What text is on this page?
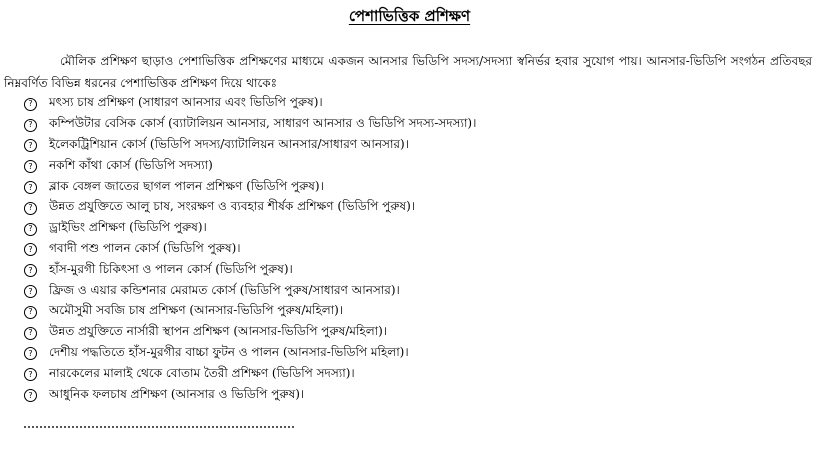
পেশাভিত্তিক প্রশিক্ষণ

মৌলিক প্রশিক্ষণ ছাড়াও পেশাভিত্তিক প্রশিক্ষণের মাধ্যমে একজন আনসার ভিডিপি সদস্য/সদস্যা স্বনির্ভর হবার সুযোগ পায়। আনসার-ভিডিপি সংগঠন প্রতিবছর নিম্নবর্ণিত বিভিন্ন ধরনের পেশাভিত্তিক প্রশিক্ষণ দিয়ে থাকেঃ

?	মৎস্য চাষ প্রশিক্ষণ (সাধারণ আনসার এবং ভিডিপি পুরুষ)।
?	কম্পিউটার বেসিক কোর্স (ব্যাটালিয়ন আনসার, সাধারণ আনসার ও ভিডিপি সদস্য-সদস্যা)।
?	ইলেকট্রিশিয়ান কোর্স (ভিডিপি সদস্য/ব্যাটালিয়ন আনসার/সাধারণ আনসার)।
?	নকশি কাঁথা কোর্স (ভিডিপি সদস্যা)
?	ব্লাক বেঙ্গল জাতের ছাগল পালন প্রশিক্ষণ (ভিডিপি পুরুষ)।
?	উন্নত প্রযুক্তিতে আলু চাষ, সংরক্ষণ ও ব্যবহার শীর্ষক প্রশিক্ষণ (ভিডিপি পুরুষ)।
?	ড্রাইভিং প্রশিক্ষণ (ভিডিপি পুরুষ)।
?	গবাদী পশু পালন কোর্স (ভিডিপি পুরুষ)।
?	হাঁস-মুরগী চিকিৎসা ও পালন কোর্স (ভিডিপি পুরুষ)।
?	ফ্রিজ ও এয়ার কন্ডিশনার মেরামত কোর্স (ভিডিপি পুরুষ/সাধারণ আনসার)।
?	অমৌসুমী সবজি চাষ প্রশিক্ষণ (আনসার-ভিডিপি পুরুষ/মহিলা)।
?	উন্নত প্রযুক্তিতে নার্সারী স্থাপন প্রশিক্ষণ (আনসার-ভিডিপি পুরুষ/মহিলা)।
?	দেশীয় পদ্ধতিতে হাঁস-মুরগীর বাচ্চা ফুটন ও পালন (আনসার-ভিডিপি মহিলা)।
?	নারকেলের মালাই থেকে বোতাম তৈরী প্রশিক্ষণ (ভিডিপি সদস্যা)।
?	আধুনিক ফলচাষ প্রশিক্ষণ (আনসার ও ভিডিপি পুরুষ)।
